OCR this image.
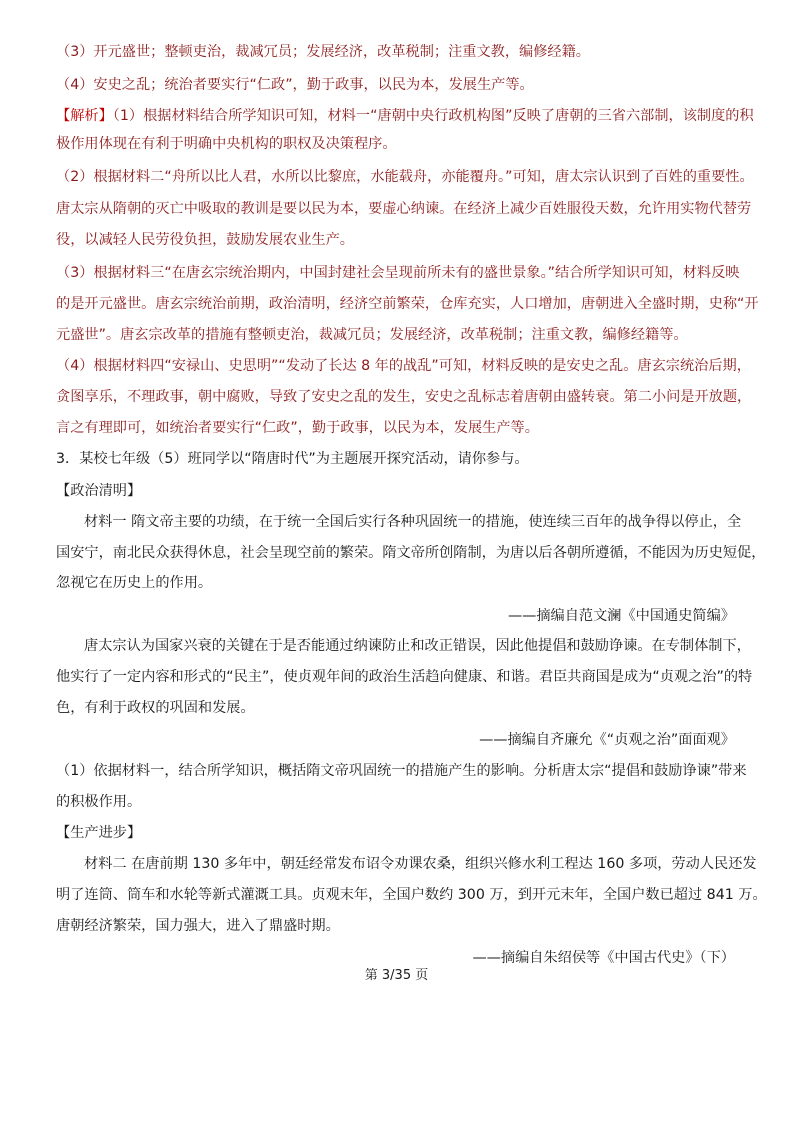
（3）开元盛世；整顿吏治，裁减冗员；发展经济，改革税制；注重文教，编修经籍。
（4）安史之乱；统治者要实行“仁政”，勤于政事，以民为本，发展生产等。
【解析】（1）根据材料结合所学知识可知，材料一“唐朝中央行政机构图”反映了唐朝的三省六部制，该制度的积
极作用体现在有利于明确中央机构的职权及决策程序。
（2）根据材料二“舟所以比人君，水所以比黎庶，水能载舟，亦能覆舟。”可知，唐太宗认识到了百姓的重要性。
唐太宗从隋朝的灭亡中吸取的教训是要以民为本，要虚心纳谏。在经济上减少百姓服役天数，允许用实物代替劳
役，以减轻人民劳役负担，鼓励发展农业生产。
（3）根据材料三“在唐玄宗统治期内，中国封建社会呈现前所未有的盛世景象。”结合所学知识可知，材料反映
的是开元盛世。唐玄宗统治前期，政治清明，经济空前繁荣，仓库充实，人口增加，唐朝进入全盛时期，史称“开
元盛世”。唐玄宗改革的措施有整顿吏治，裁减冗员；发展经济，改革税制；注重文教，编修经籍等。
（4）根据材料四“安禄山、史思明”“发动了长达 8 年的战乱”可知，材料反映的是安史之乱。唐玄宗统治后期，
贪图享乐，不理政事，朝中腐败，导致了安史之乱的发生，安史之乱标志着唐朝由盛转衰。第二小问是开放题，
言之有理即可，如统治者要实行“仁政”，勤于政事，以民为本，发展生产等。
3．某校七年级（5）班同学以“隋唐时代”为主题展开探究活动，请你参与。
【政治清明】
材料一 隋文帝主要的功绩，在于统一全国后实行各种巩固统一的措施，使连续三百年的战争得以停止，全
国安宁，南北民众获得休息，社会呈现空前的繁荣。隋文帝所创隋制，为唐以后各朝所遵循，不能因为历史短促，
忽视它在历史上的作用。
——摘编自范文澜《中国通史简编》
唐太宗认为国家兴衰的关键在于是否能通过纳谏防止和改正错误，因此他提倡和鼓励诤谏。在专制体制下，
他实行了一定内容和形式的“民主”，使贞观年间的政治生活趋向健康、和谐。君臣共商国是成为“贞观之治”的特
色，有利于政权的巩固和发展。
——摘编自齐廉允《“贞观之治”面面观》
（1）依据材料一，结合所学知识，概括隋文帝巩固统一的措施产生的影响。分析唐太宗“提倡和鼓励诤谏”带来
的积极作用。
【生产进步】
材料二 在唐前期 130 多年中，朝廷经常发布诏令劝课农桑，组织兴修水利工程达 160 多项，劳动人民还发
明了连筒、筒车和水轮等新式灌溉工具。贞观末年，全国户数约 300 万，到开元末年，全国户数已超过 841 万。
唐朝经济繁荣，国力强大，进入了鼎盛时期。
——摘编自朱绍侯等《中国古代史》（下）
第 3/35 页
